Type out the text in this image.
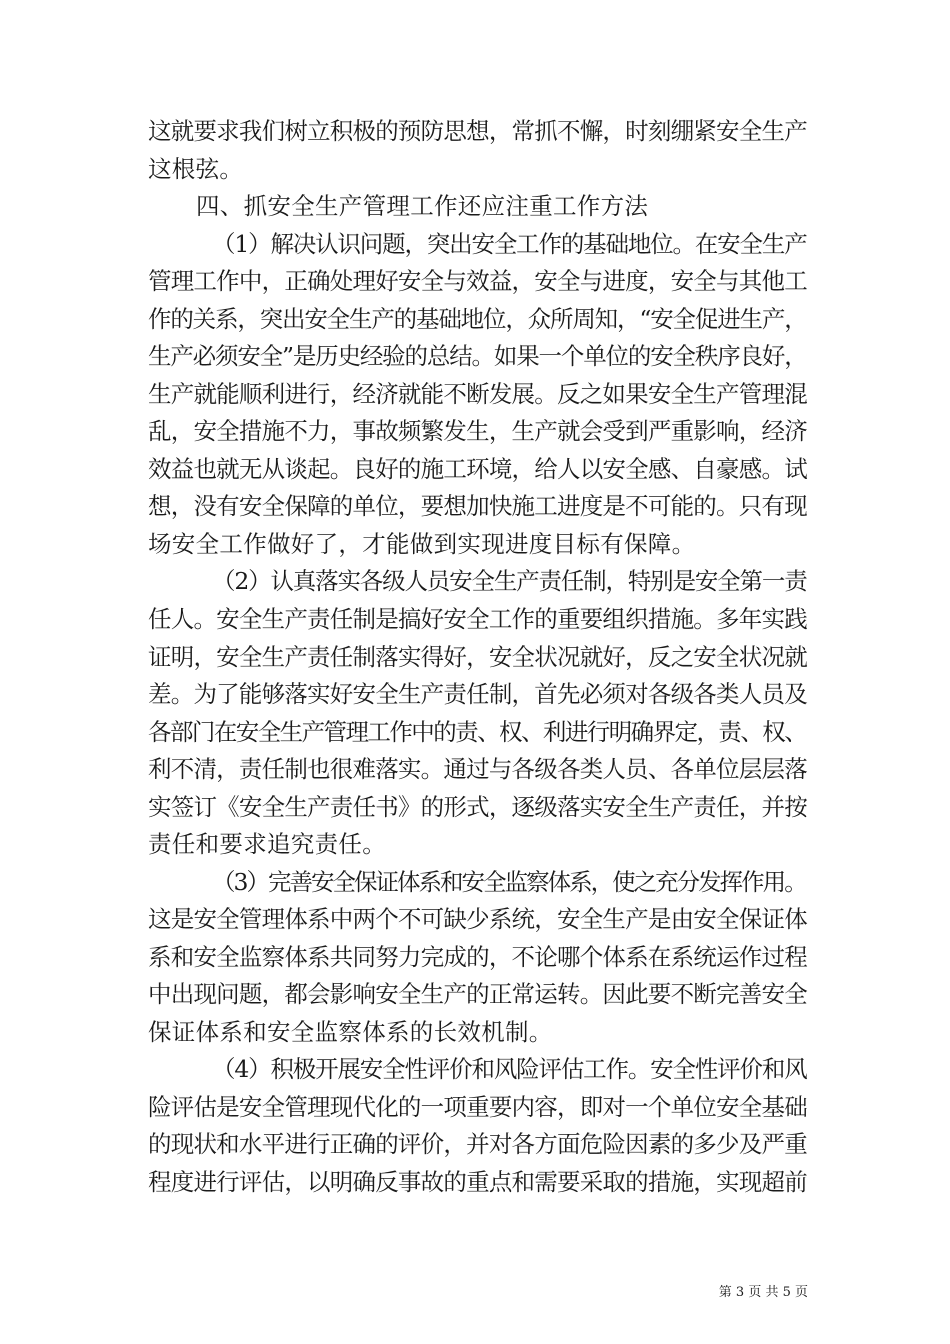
这就要求我们树立积极的预防思想，常抓不懈，时刻绷紧安全生产
这根弦。
四、抓安全生产管理工作还应注重工作方法
（1）解决认识问题，突出安全工作的基础地位。在安全生产
管理工作中，正确处理好安全与效益，安全与进度，安全与其他工
作的关系，突出安全生产的基础地位，众所周知，“安全促进生产，
生产必须安全”是历史经验的总结。如果一个单位的安全秩序良好，
生产就能顺利进行，经济就能不断发展。反之如果安全生产管理混
乱，安全措施不力，事故频繁发生，生产就会受到严重影响，经济
效益也就无从谈起。良好的施工环境，给人以安全感、自豪感。试
想，没有安全保障的单位，要想加快施工进度是不可能的。只有现
场安全工作做好了，才能做到实现进度目标有保障。
（2）认真落实各级人员安全生产责任制，特别是安全第一责
任人。安全生产责任制是搞好安全工作的重要组织措施。多年实践
证明，安全生产责任制落实得好，安全状况就好，反之安全状况就
差。为了能够落实好安全生产责任制，首先必须对各级各类人员及
各部门在安全生产管理工作中的责、权、利进行明确界定，责、权、
利不清，责任制也很难落实。通过与各级各类人员、各单位层层落
实签订《安全生产责任书》的形式，逐级落实安全生产责任，并按
责任和要求追究责任。
（3）完善安全保证体系和安全监察体系，使之充分发挥作用。
这是安全管理体系中两个不可缺少系统，安全生产是由安全保证体
系和安全监察体系共同努力完成的，不论哪个体系在系统运作过程
中出现问题，都会影响安全生产的正常运转。因此要不断完善安全
保证体系和安全监察体系的长效机制。
（4）积极开展安全性评价和风险评估工作。安全性评价和风
险评估是安全管理现代化的一项重要内容，即对一个单位安全基础
的现状和水平进行正确的评价，并对各方面危险因素的多少及严重
程度进行评估，以明确反事故的重点和需要采取的措施，实现超前
第 3 页 共 5 页
